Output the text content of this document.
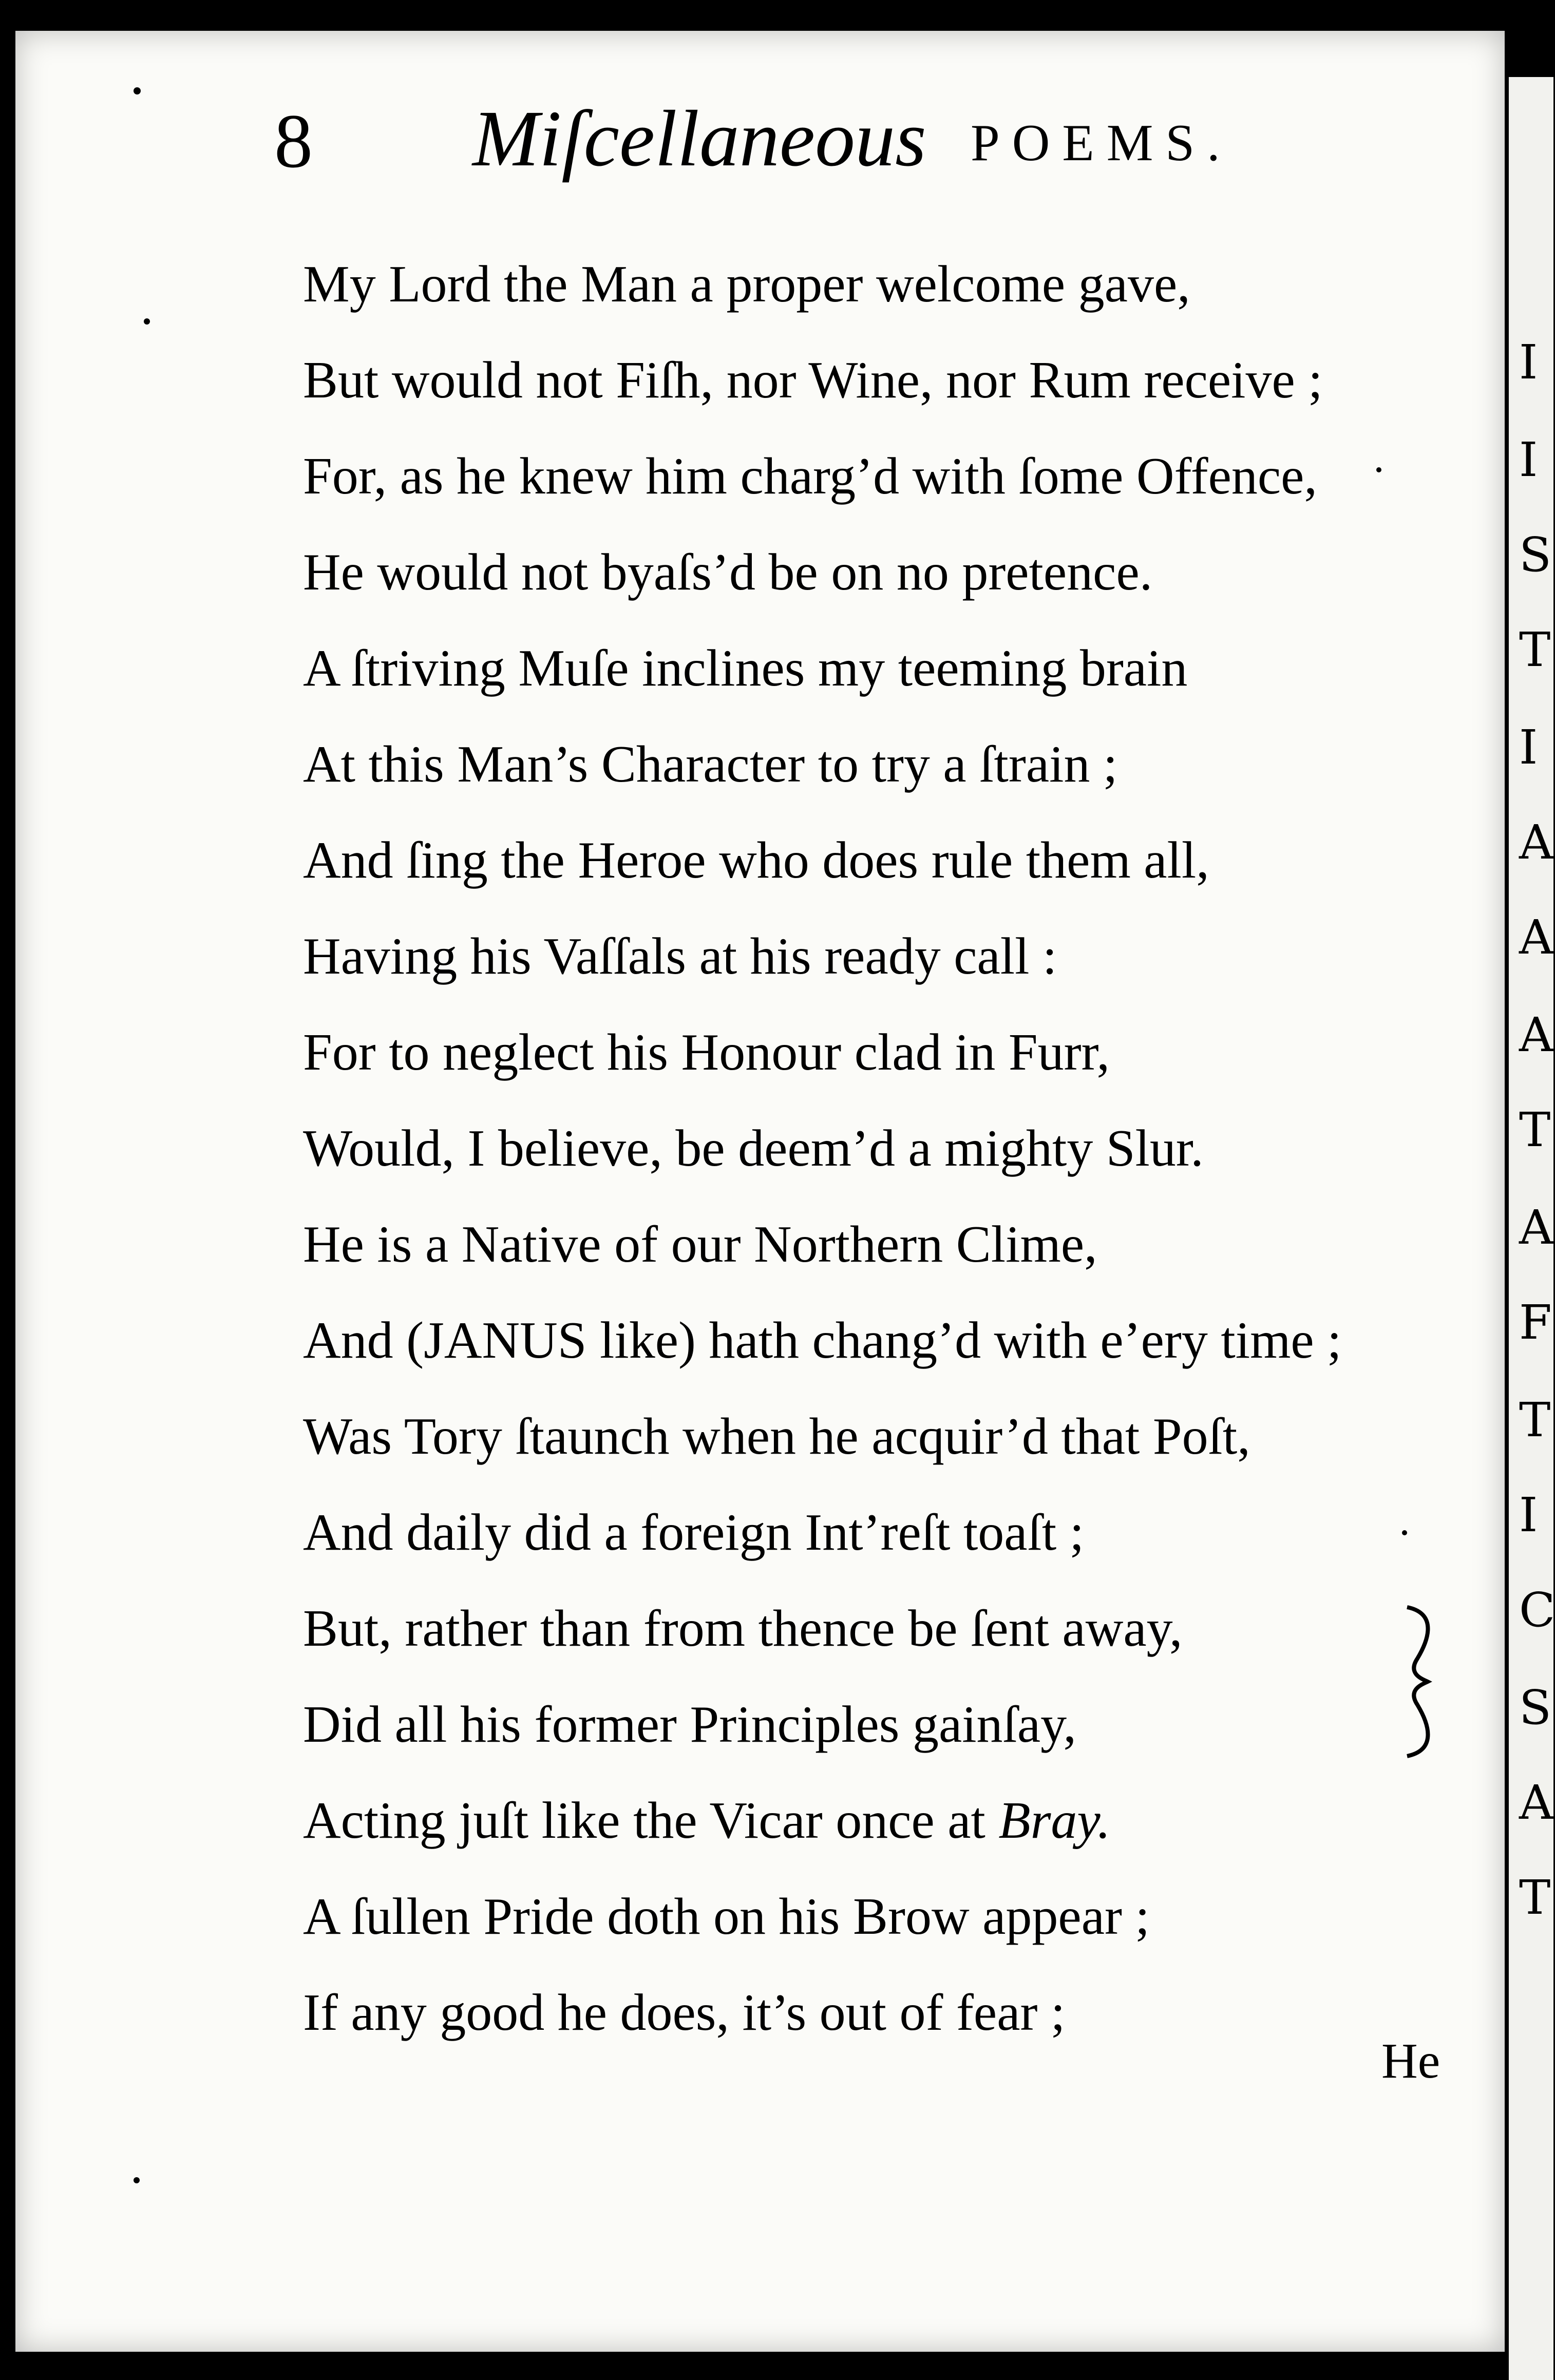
8 Miſcellaneous POEMS.
My Lord the Man a proper welcome gave,
But would not Fiſh, nor Wine, nor Rum receive ;
For, as he knew him charg’d with ſome Offence,
He would not byaſs’d be on no pretence.
A ſtriving Muſe inclines my teeming brain
At this Man’s Character to try a ſtrain ;
And ſing the Heroe who does rule them all,
Having his Vaſſals at his ready call :
For to neglect his Honour clad in Furr,
Would, I believe, be deem’d a mighty Slur.
He is a Native of our Northern Clime,
And (JANUS like) hath chang’d with e’ery time ;
Was Tory ſtaunch when he acquir’d that Poſt,
And daily did a foreign Int’reſt toaſt ;
But, rather than from thence be ſent away,
Did all his former Principles gainſay,
Acting juſt like the Vicar once at Bray.
A ſullen Pride doth on his Brow appear ;
If any good he does, it’s out of fear ;
He
I
I
S
T
I
A
A
A
T
A
F
T
I
C
S
A
T
